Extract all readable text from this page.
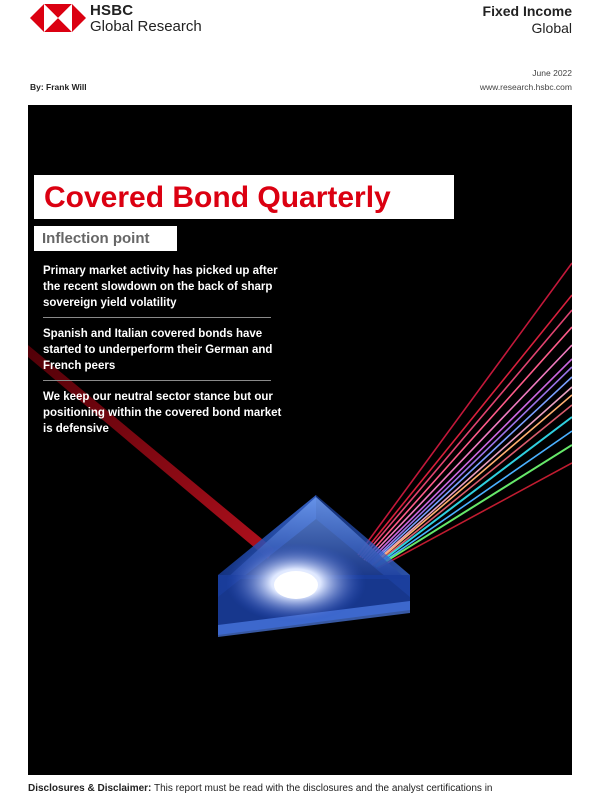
HSBC
Global Research
Fixed Income
Global
By: Frank Will
June 2022
www.research.hsbc.com
Covered Bond Quarterly
Inflection point
Primary market activity has picked up after the recent slowdown on the back of sharp sovereign yield volatility
Spanish and Italian covered bonds have started to underperform their German and French peers
We keep our neutral sector stance but our positioning within the covered bond market is defensive
Disclosures & Disclaimer: This report must be read with the disclosures and the analyst certifications in
